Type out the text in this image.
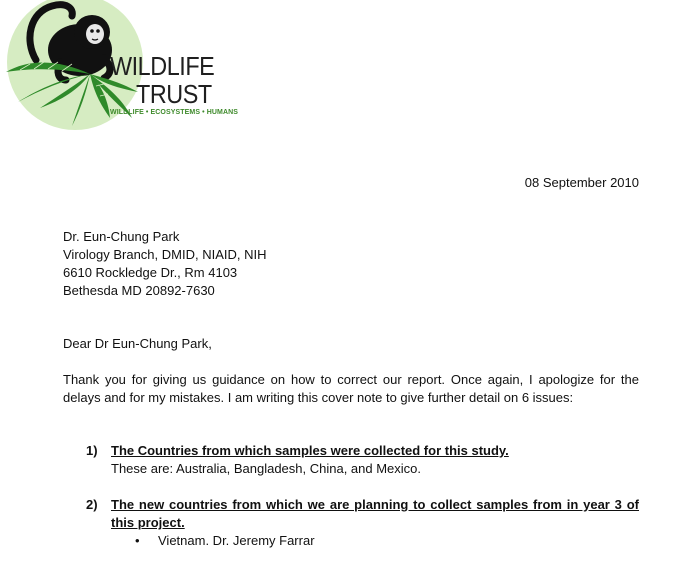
WILDLIFE
TRUST
WILDLIFE • ECOSYSTEMS • HUMANS
08 September 2010
Dr. Eun-Chung Park
Virology Branch, DMID, NIAID, NIH
6610 Rockledge Dr., Rm 4103
Bethesda MD 20892-7630
Dear Dr Eun-Chung Park,

Thank you for giving us guidance on how to correct our report. Once again, I apologize for the delays and for my mistakes. I am writing this cover note to give further detail on 6 issues:

1) The Countries from which samples were collected for this study.
These are: Australia, Bangladesh, China, and Mexico.
2) The new countries from which we are planning to collect samples from in year 3 of this project.
• Vietnam. Dr. Jeremy Farrar
